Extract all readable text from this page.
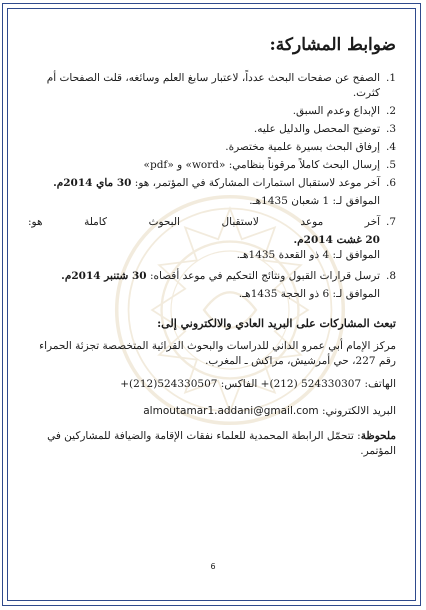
ضوابط المشاركة:
1.
الصفح عن صفحات البحث عدداً، لاعتبار سابغ العلم وسائغه، قلت الصفحات أم كثرت.
2.
الإبداع وعدم السبق.
3.
توضيح المحصل والدليل عليه.
4.
إرفاق البحث بسيرة علمية مختصرة.
5.
إرسال البحث كاملاً مرقوناً بنظامي: «word» و «pdf»
6.
آخر موعد لاستقبال استمارات المشاركة في المؤتمر، هو: 30 ماي 2014م.
الموافق لـ: 1 شعبان 1435هـ.
7.
آخر موعد لاستقبال البحوث كاملة هو:
20 غشت 2014م.
الموافق لـ: 4 ذو القعدة 1435هـ.
8.
ترسل قرارات القبول ونتائج التحكيم في موعد أقصاه: 30 شتنبر 2014م.
الموافق لـ: 6 ذو الحجة 1435هـ.
تبعث المشاركات على البريد العادي والالكتروني إلى:
مركز الإمام أبي عمرو الداني للدراسات والبحوث القرائية المتخصصة تجزئة الحمراء رقم 227، حي أمرشيش، مراكش ـ المغرب.
الهاتف: 524330307 (212)+ الفاكس: 524330507(212)+
البريد الالكتروني: almoutamar1.addani@gmail.com
ملحوظة: تتحمّل الرابطة المحمدية للعلماء نفقات الإقامة والضيافة للمشاركين في المؤتمر.
6
